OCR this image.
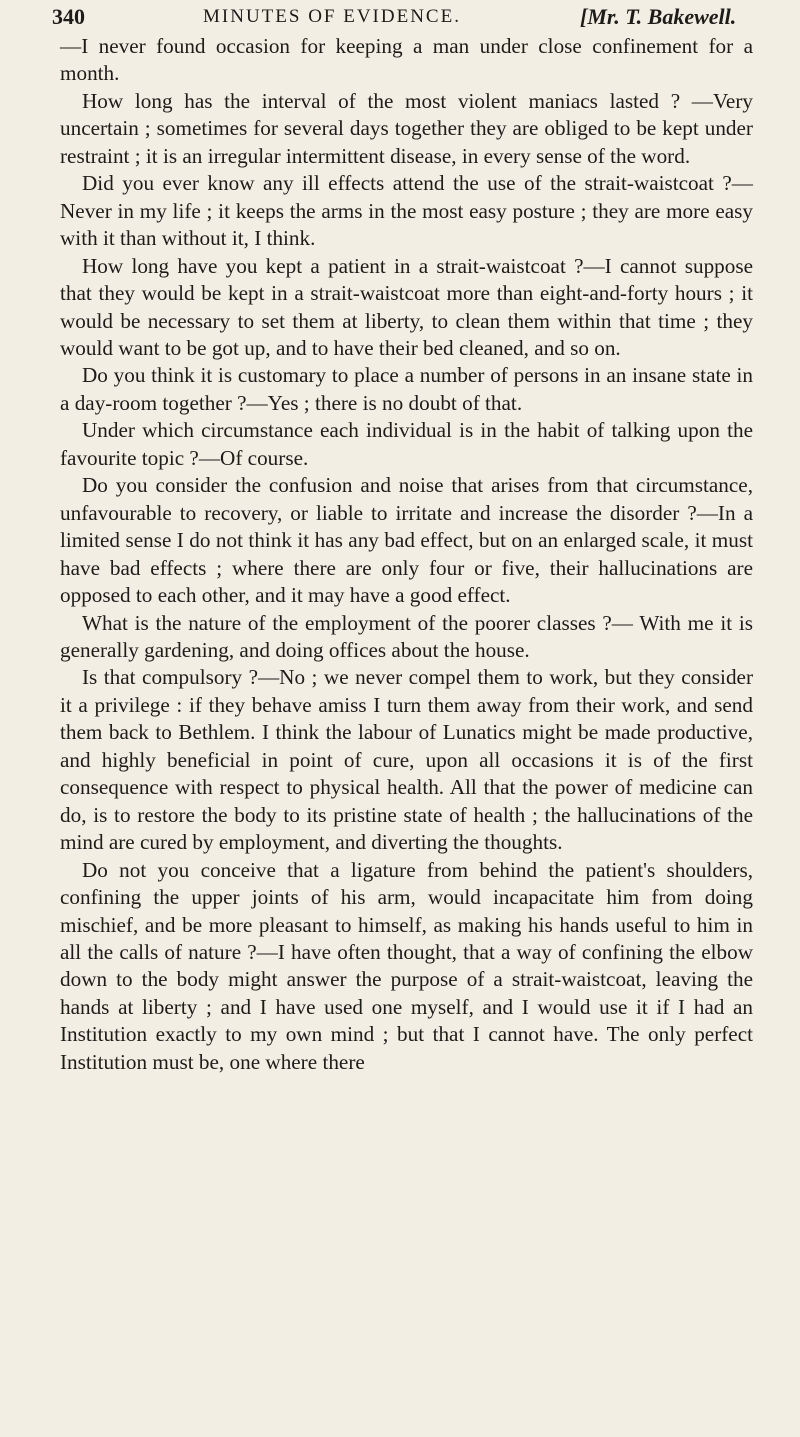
340	MINUTES OF EVIDENCE.	[Mr. T. Bakewell.

—I never found occasion for keeping a man under close confinement for a month.

How long has the interval of the most violent maniacs lasted ? —Very uncertain ; sometimes for several days together they are obliged to be kept under restraint ; it is an irregular intermittent disease, in every sense of the word.

Did you ever know any ill effects attend the use of the strait-waistcoat ?—Never in my life ; it keeps the arms in the most easy posture ; they are more easy with it than without it, I think.

How long have you kept a patient in a strait-waistcoat ?—I cannot suppose that they would be kept in a strait-waistcoat more than eight-and-forty hours ; it would be necessary to set them at liberty, to clean them within that time ; they would want to be got up, and to have their bed cleaned, and so on.

Do you think it is customary to place a number of persons in an insane state in a day-room together ?—Yes ; there is no doubt of that.

Under which circumstance each individual is in the habit of talking upon the favourite topic ?—Of course.

Do you consider the confusion and noise that arises from that circumstance, unfavourable to recovery, or liable to irritate and increase the disorder ?—In a limited sense I do not think it has any bad effect, but on an enlarged scale, it must have bad effects ; where there are only four or five, their hallucinations are opposed to each other, and it may have a good effect.

What is the nature of the employment of the poorer classes ?— With me it is generally gardening, and doing offices about the house.

Is that compulsory ?—No ; we never compel them to work, but they consider it a privilege : if they behave amiss I turn them away from their work, and send them back to Bethlem. I think the labour of Lunatics might be made productive, and highly beneficial in point of cure, upon all occasions it is of the first consequence with respect to physical health. All that the power of medicine can do, is to restore the body to its pristine state of health ; the hallucinations of the mind are cured by employment, and diverting the thoughts.

Do not you conceive that a ligature from behind the patient's shoulders, confining the upper joints of his arm, would incapacitate him from doing mischief, and be more pleasant to himself, as making his hands useful to him in all the calls of nature ?—I have often thought, that a way of confining the elbow down to the body might answer the purpose of a strait-waistcoat, leaving the hands at liberty ; and I have used one myself, and I would use it if I had an Institution exactly to my own mind ; but that I cannot have. The only perfect Institution must be, one where there
